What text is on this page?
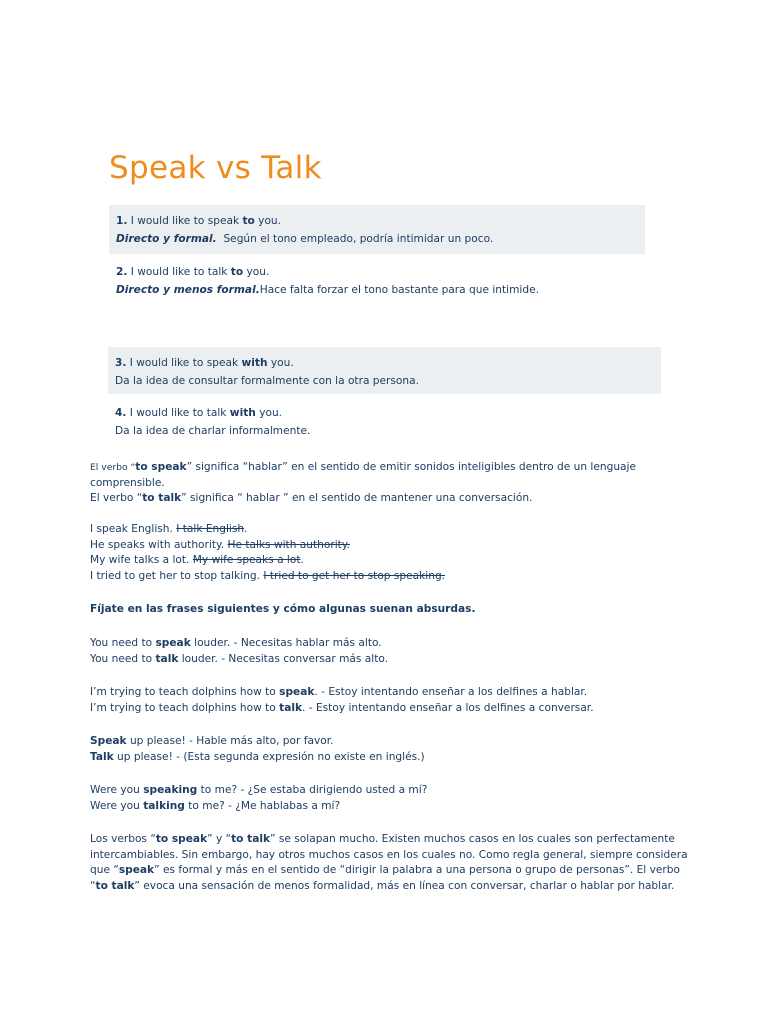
Speak vs Talk

1. I would like to speak to you.

Directo y formal. Según el tono empleado, podría intimidar un poco.

2. I would like to talk to you.

Directo y menos formal.Hace falta forzar el tono bastante para que intimide.

3. I would like to speak with you.

Da la idea de consultar formalmente con la otra persona.

4. I would like to talk with you.

Da la idea de charlar informalmente.

El verbo “to speak” significa “hablar” en el sentido de emitir sonidos inteligibles dentro de un lenguaje comprensible.

El verbo “to talk” significa “ hablar ” en el sentido de mantener una conversación.

I speak English. I talk English.

He speaks with authority. He talks with authority.

My wife talks a lot. My wife speaks a lot.

I tried to get her to stop talking. I tried to get her to stop speaking.

Fíjate en las frases siguientes y cómo algunas suenan absurdas.

You need to speak louder. - Necesitas hablar más alto.

You need to talk louder. - Necesitas conversar más alto.

I’m trying to teach dolphins how to speak. - Estoy intentando enseñar a los delfines a hablar.

I’m trying to teach dolphins how to talk. - Estoy intentando enseñar a los delfines a conversar.

Speak up please! - Hable más alto, por favor.

Talk up please! - (Esta segunda expresión no existe en inglés.)

Were you speaking to me? - ¿Se estaba dirigiendo usted a mí?

Were you talking to me? - ¿Me hablabas a mí?

Los verbos “to speak” y “to talk” se solapan mucho. Existen muchos casos en los cuales son perfectamente intercambiables. Sin embargo, hay otros muchos casos en los cuales no. Como regla general, siempre considera que “speak” es formal y más en el sentido de “dirigir la palabra a una persona o grupo de personas”. El verbo “to talk” evoca una sensación de menos formalidad, más en línea con conversar, charlar o hablar por hablar.
